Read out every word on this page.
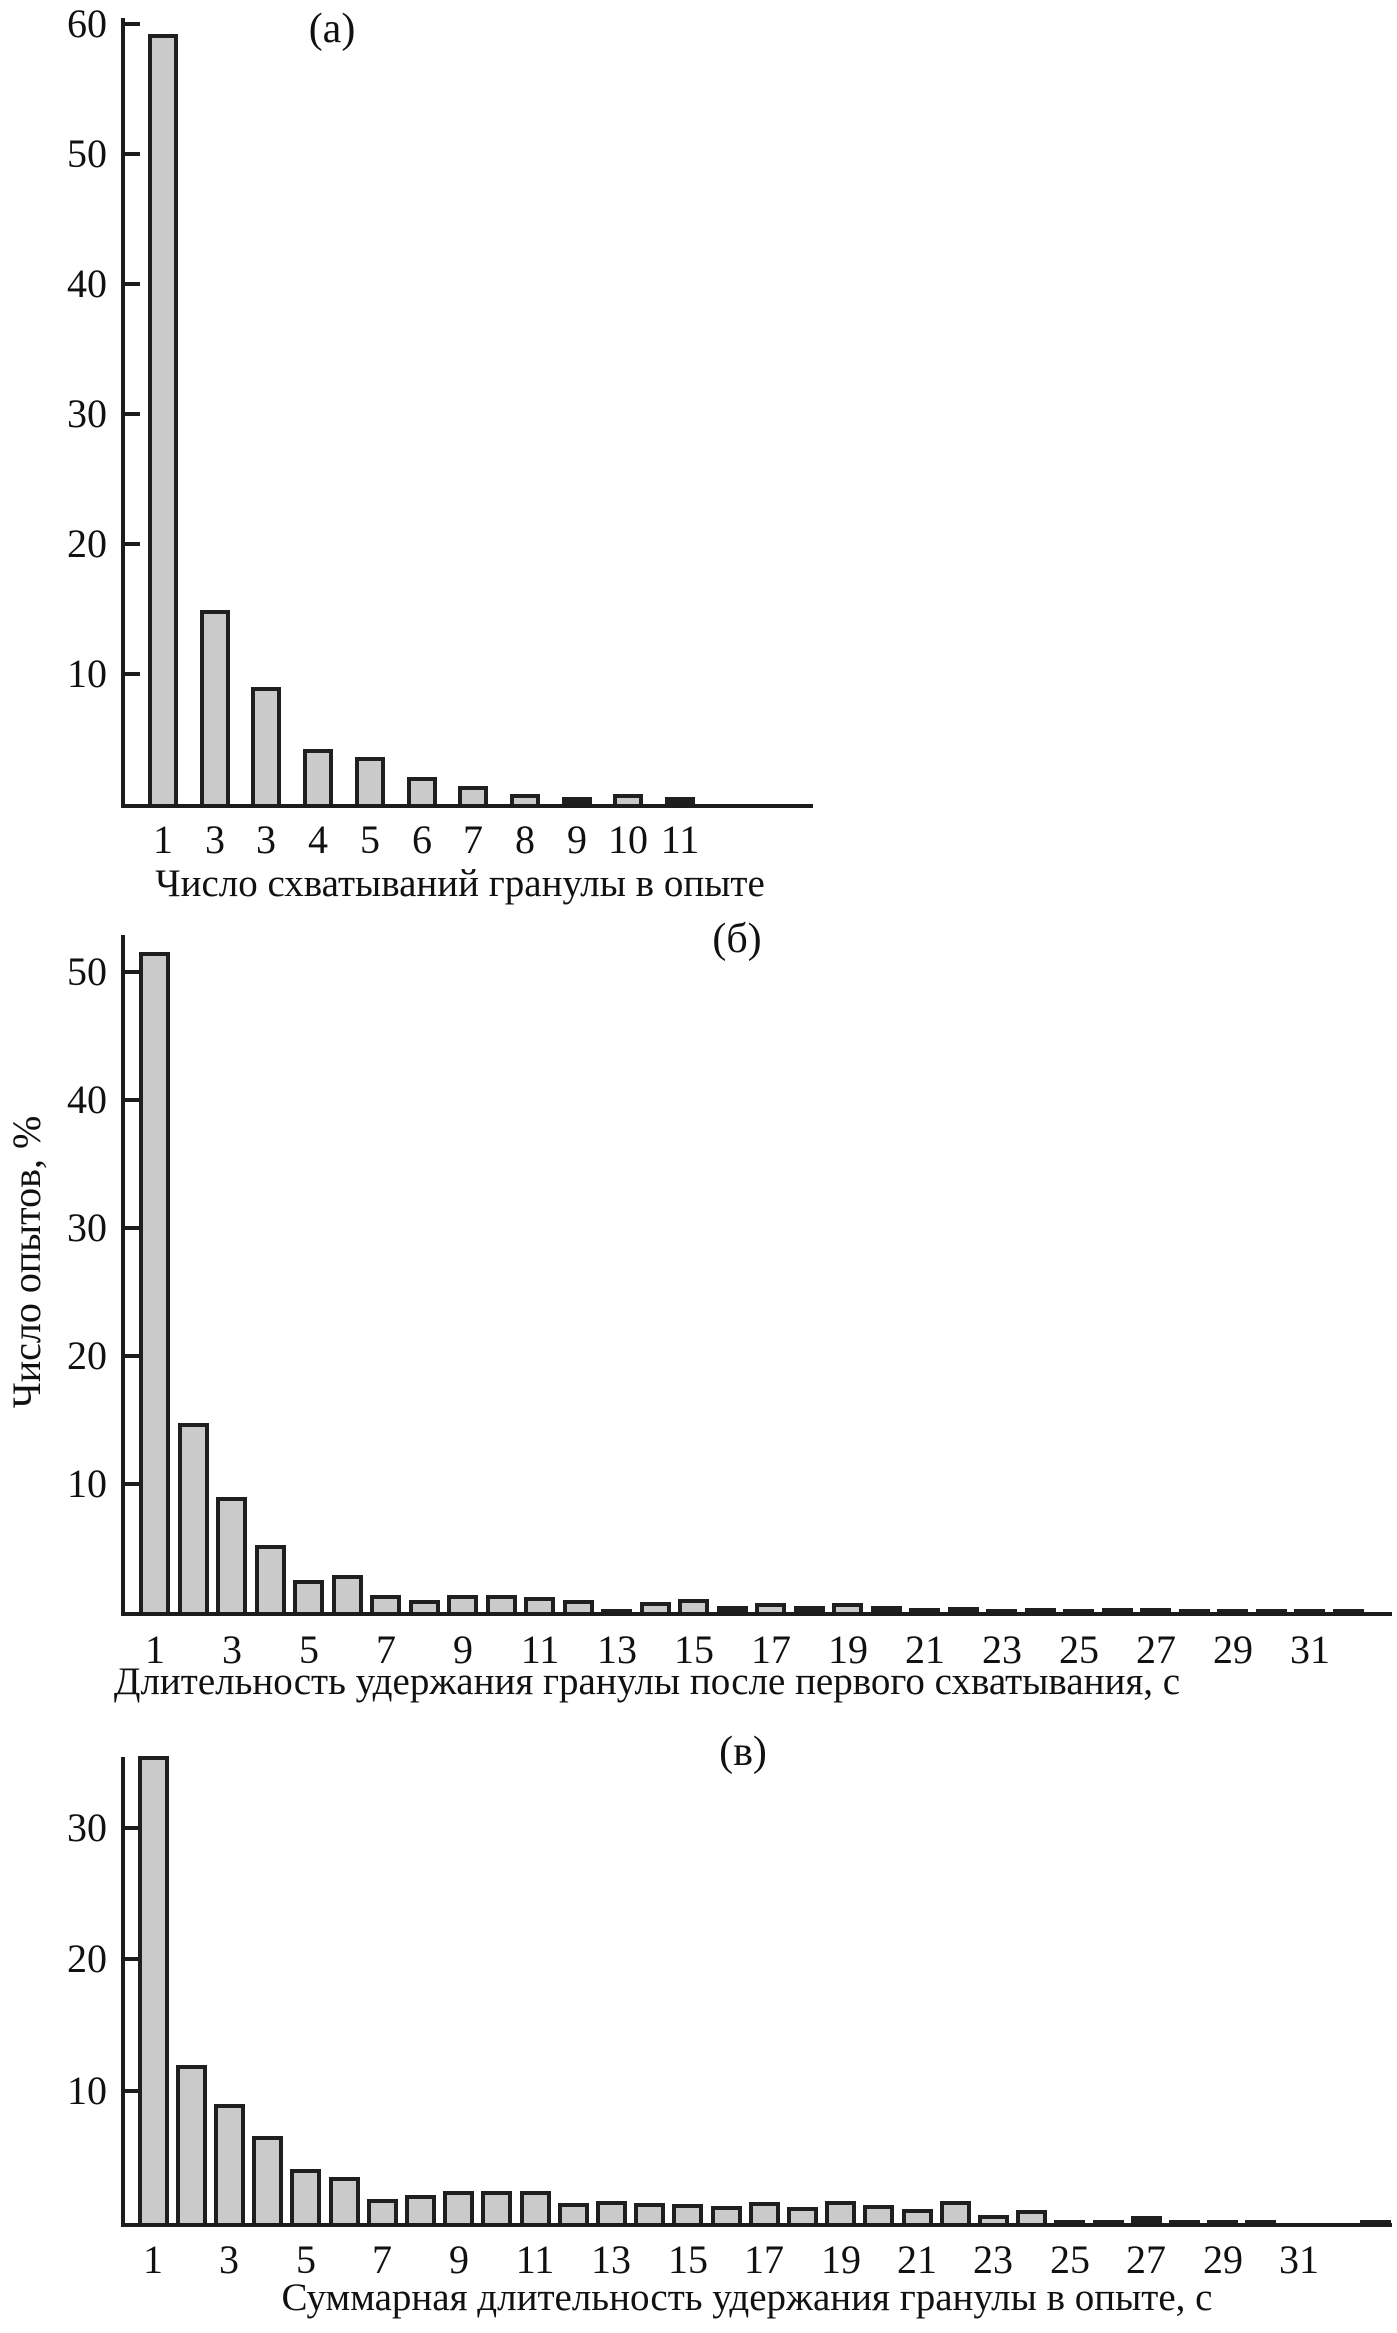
Число опытов, %
(а)
(б)
(в)
Число схватываний гранулы в опыте
Длительность удержания гранулы после первого схватывания, с
Суммарная длительность удержания гранулы в опыте, с
10
20
30
40
50
60
1 3 3 4 5 6 7 8 9 10 11
10
20
30
40
50
1	3	5	7	9	11 13 15 17 19 21 23 25 27 29 31
10
20
30
1	3	5	7	9	11 13 15 17 19 21 23 25 27 29 31
